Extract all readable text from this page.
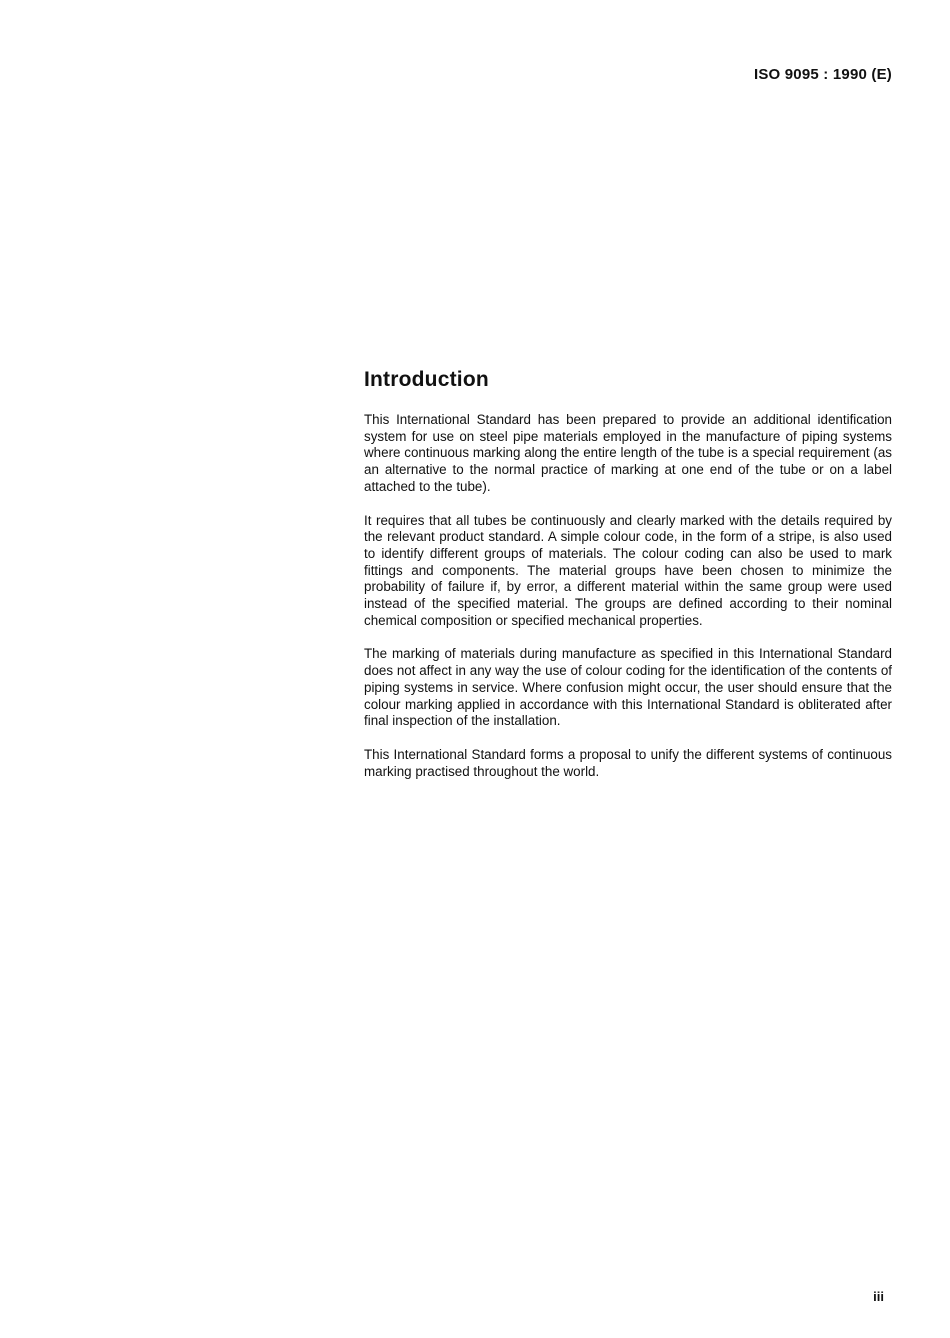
ISO 9095 : 1990 (E)
Introduction

This International Standard has been prepared to provide an additional identification system for use on steel pipe materials employed in the manufacture of piping systems where continuous marking along the entire length of the tube is a special requirement (as an alternative to the normal practice of marking at one end of the tube or on a label attached to the tube).

It requires that all tubes be continuously and clearly marked with the details required by the relevant product standard. A simple colour code, in the form of a stripe, is also used to identify different groups of materials. The colour coding can also be used to mark fittings and components. The material groups have been chosen to minimize the probability of failure if, by error, a different material within the same group were used instead of the specified material. The groups are defined according to their nominal chemical composition or specified mechanical properties.

The marking of materials during manufacture as specified in this International Standard does not affect in any way the use of colour coding for the identification of the contents of piping systems in service. Where confusion might occur, the user should ensure that the colour marking applied in accordance with this International Standard is obliterated after final inspection of the installation.

This International Standard forms a proposal to unify the different systems of continuous marking practised throughout the world.

iii
